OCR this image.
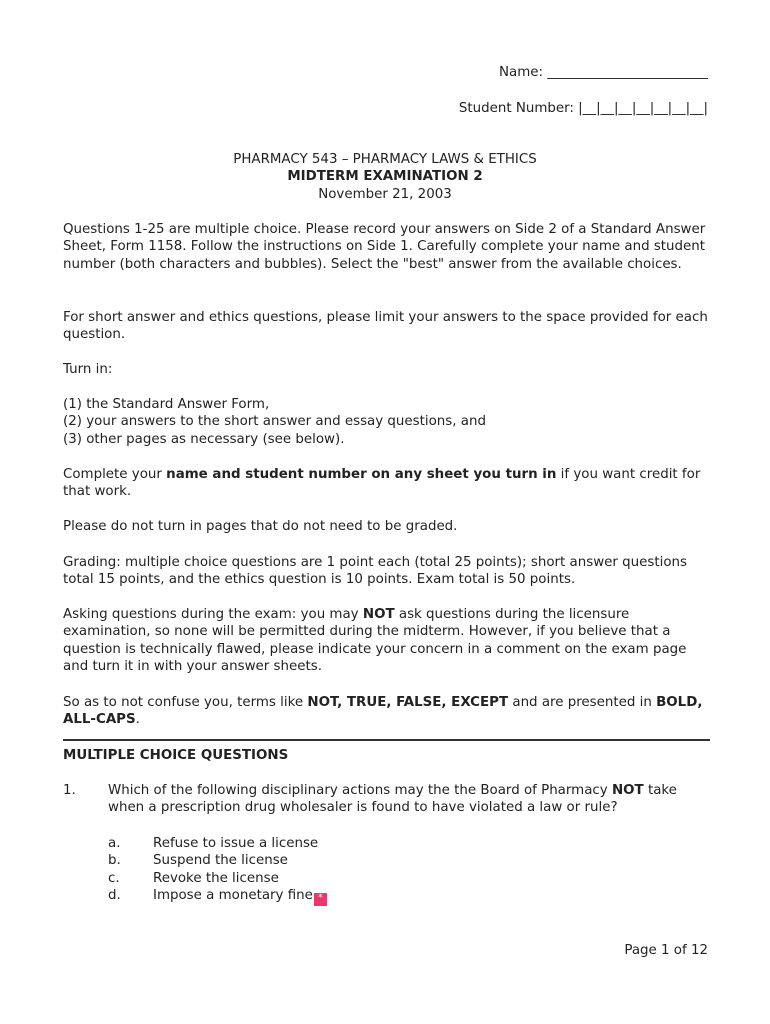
Name: ________________________
Student Number: |__|__|__|__|__|__|__|
PHARMACY 543 – PHARMACY LAWS & ETHICS
MIDTERM EXAMINATION 2
November 21, 2003

Questions 1-25 are multiple choice. Please record your answers on Side 2 of a Standard Answer Sheet, Form 1158. Follow the instructions on Side 1. Carefully complete your name and student number (both characters and bubbles). Select the "best" answer from the available choices.

For short answer and ethics questions, please limit your answers to the space provided for each question.

Turn in:

(1) the Standard Answer Form,
(2) your answers to the short answer and essay questions, and
(3) other pages as necessary (see below).

Complete your name and student number on any sheet you turn in if you want credit for that work.

Please do not turn in pages that do not need to be graded.

Grading: multiple choice questions are 1 point each (total 25 points); short answer questions total 15 points, and the ethics question is 10 points. Exam total is 50 points.

Asking questions during the exam: you may NOT ask questions during the licensure examination, so none will be permitted during the midterm. However, if you believe that a question is technically flawed, please indicate your concern in a comment on the exam page and turn it in with your answer sheets.

So as to not confuse you, terms like NOT, TRUE, FALSE, EXCEPT and are presented in BOLD, ALL-CAPS.

MULTIPLE CHOICE QUESTIONS
1. Which of the following disciplinary actions may the the Board of Pharmacy NOT take when a prescription drug wholesaler is found to have violated a law or rule?

a. Refuse to issue a license
b. Suspend the license
c. Revoke the license
d. Impose a monetary fine *
Page 1 of 12
